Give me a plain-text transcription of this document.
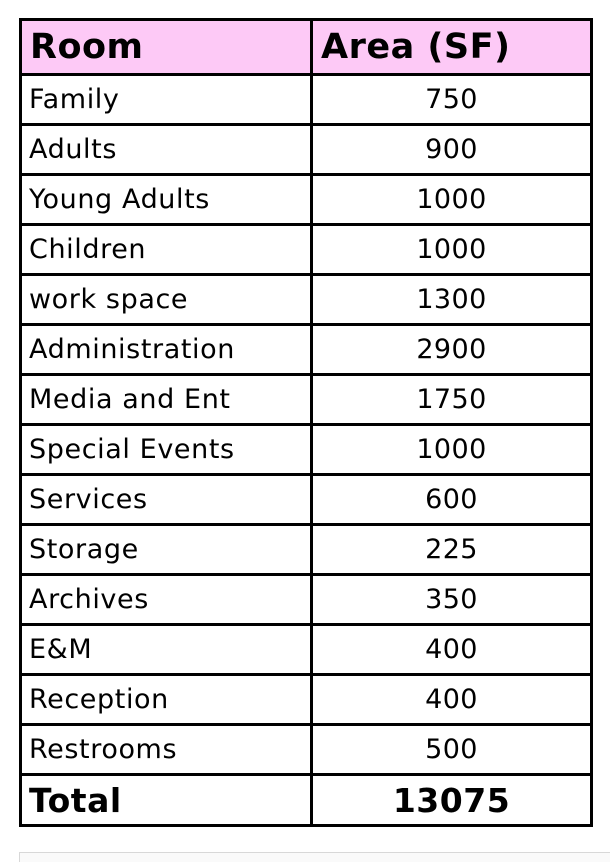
Room	Area (SF)
Family	750
Adults	900
Young Adults	1000
Children	1000
work space	1300
Administration	2900
Media and Ent	1750
Special Events	1000
Services	600
Storage	225
Archives	350
E&M	400
Reception	400
Restrooms	500
Total	13075
